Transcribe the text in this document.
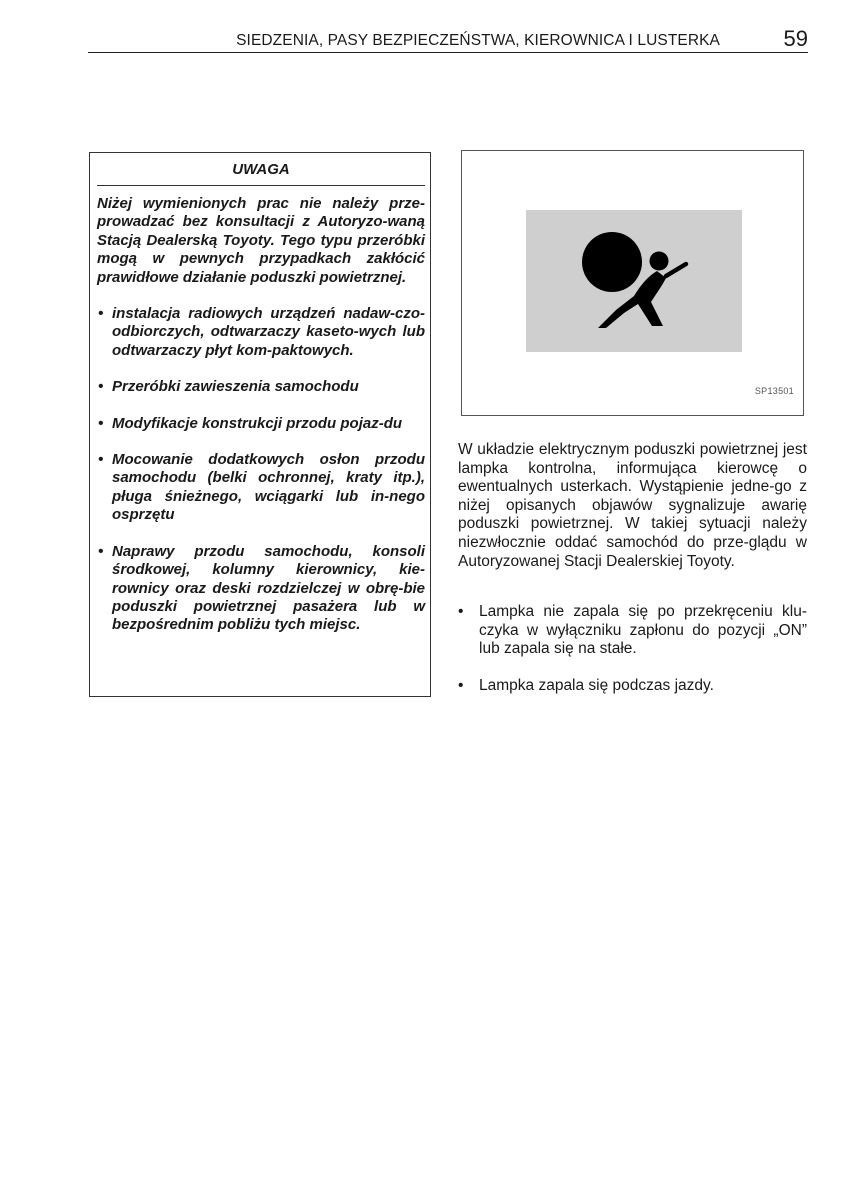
SIEDZENIA, PASY BEZPIECZEŃSTWA, KIEROWNICA I LUSTERKA	59
UWAGA

Niżej wymienionych prac nie należy prze-prowadzać bez konsultacji z Autoryzo-waną Stacją Dealerską Toyoty. Tego typu przeróbki mogą w pewnych przypadkach zakłócić prawidłowe działanie poduszki powietrznej.

• instalacja radiowych urządzeń nadaw-czo-odbiorczych, odtwarzaczy kaseto-wych lub odtwarzaczy płyt kom-paktowych.
• Przeróbki zawieszenia samochodu
• Modyfikacje konstrukcji przodu pojaz-du
• Mocowanie dodatkowych osłon przodu samochodu (belki ochronnej, kraty itp.), pługa śnieżnego, wciągarki lub in-nego osprzętu
• Naprawy przodu samochodu, konsoli środkowej, kolumny kierownicy, kie-rownicy oraz deski rozdzielczej w obrę-bie poduszki powietrznej pasażera lub w bezpośrednim pobliżu tych miejsc.
SP13501

W układzie elektrycznym poduszki powietrznej jest lampka kontrolna, informująca kierowcę o ewentualnych usterkach. Wystąpienie jedne-go z niżej opisanych objawów sygnalizuje awarię poduszki powietrznej. W takiej sytuacji należy niezwłocznie oddać samochód do prze-glądu w Autoryzowanej Stacji Dealerskiej Toyoty.

• Lampka nie zapala się po przekręceniu klu-czyka w wyłączniku zapłonu do pozycji „ON” lub zapala się na stałe.
• Lampka zapala się podczas jazdy.
